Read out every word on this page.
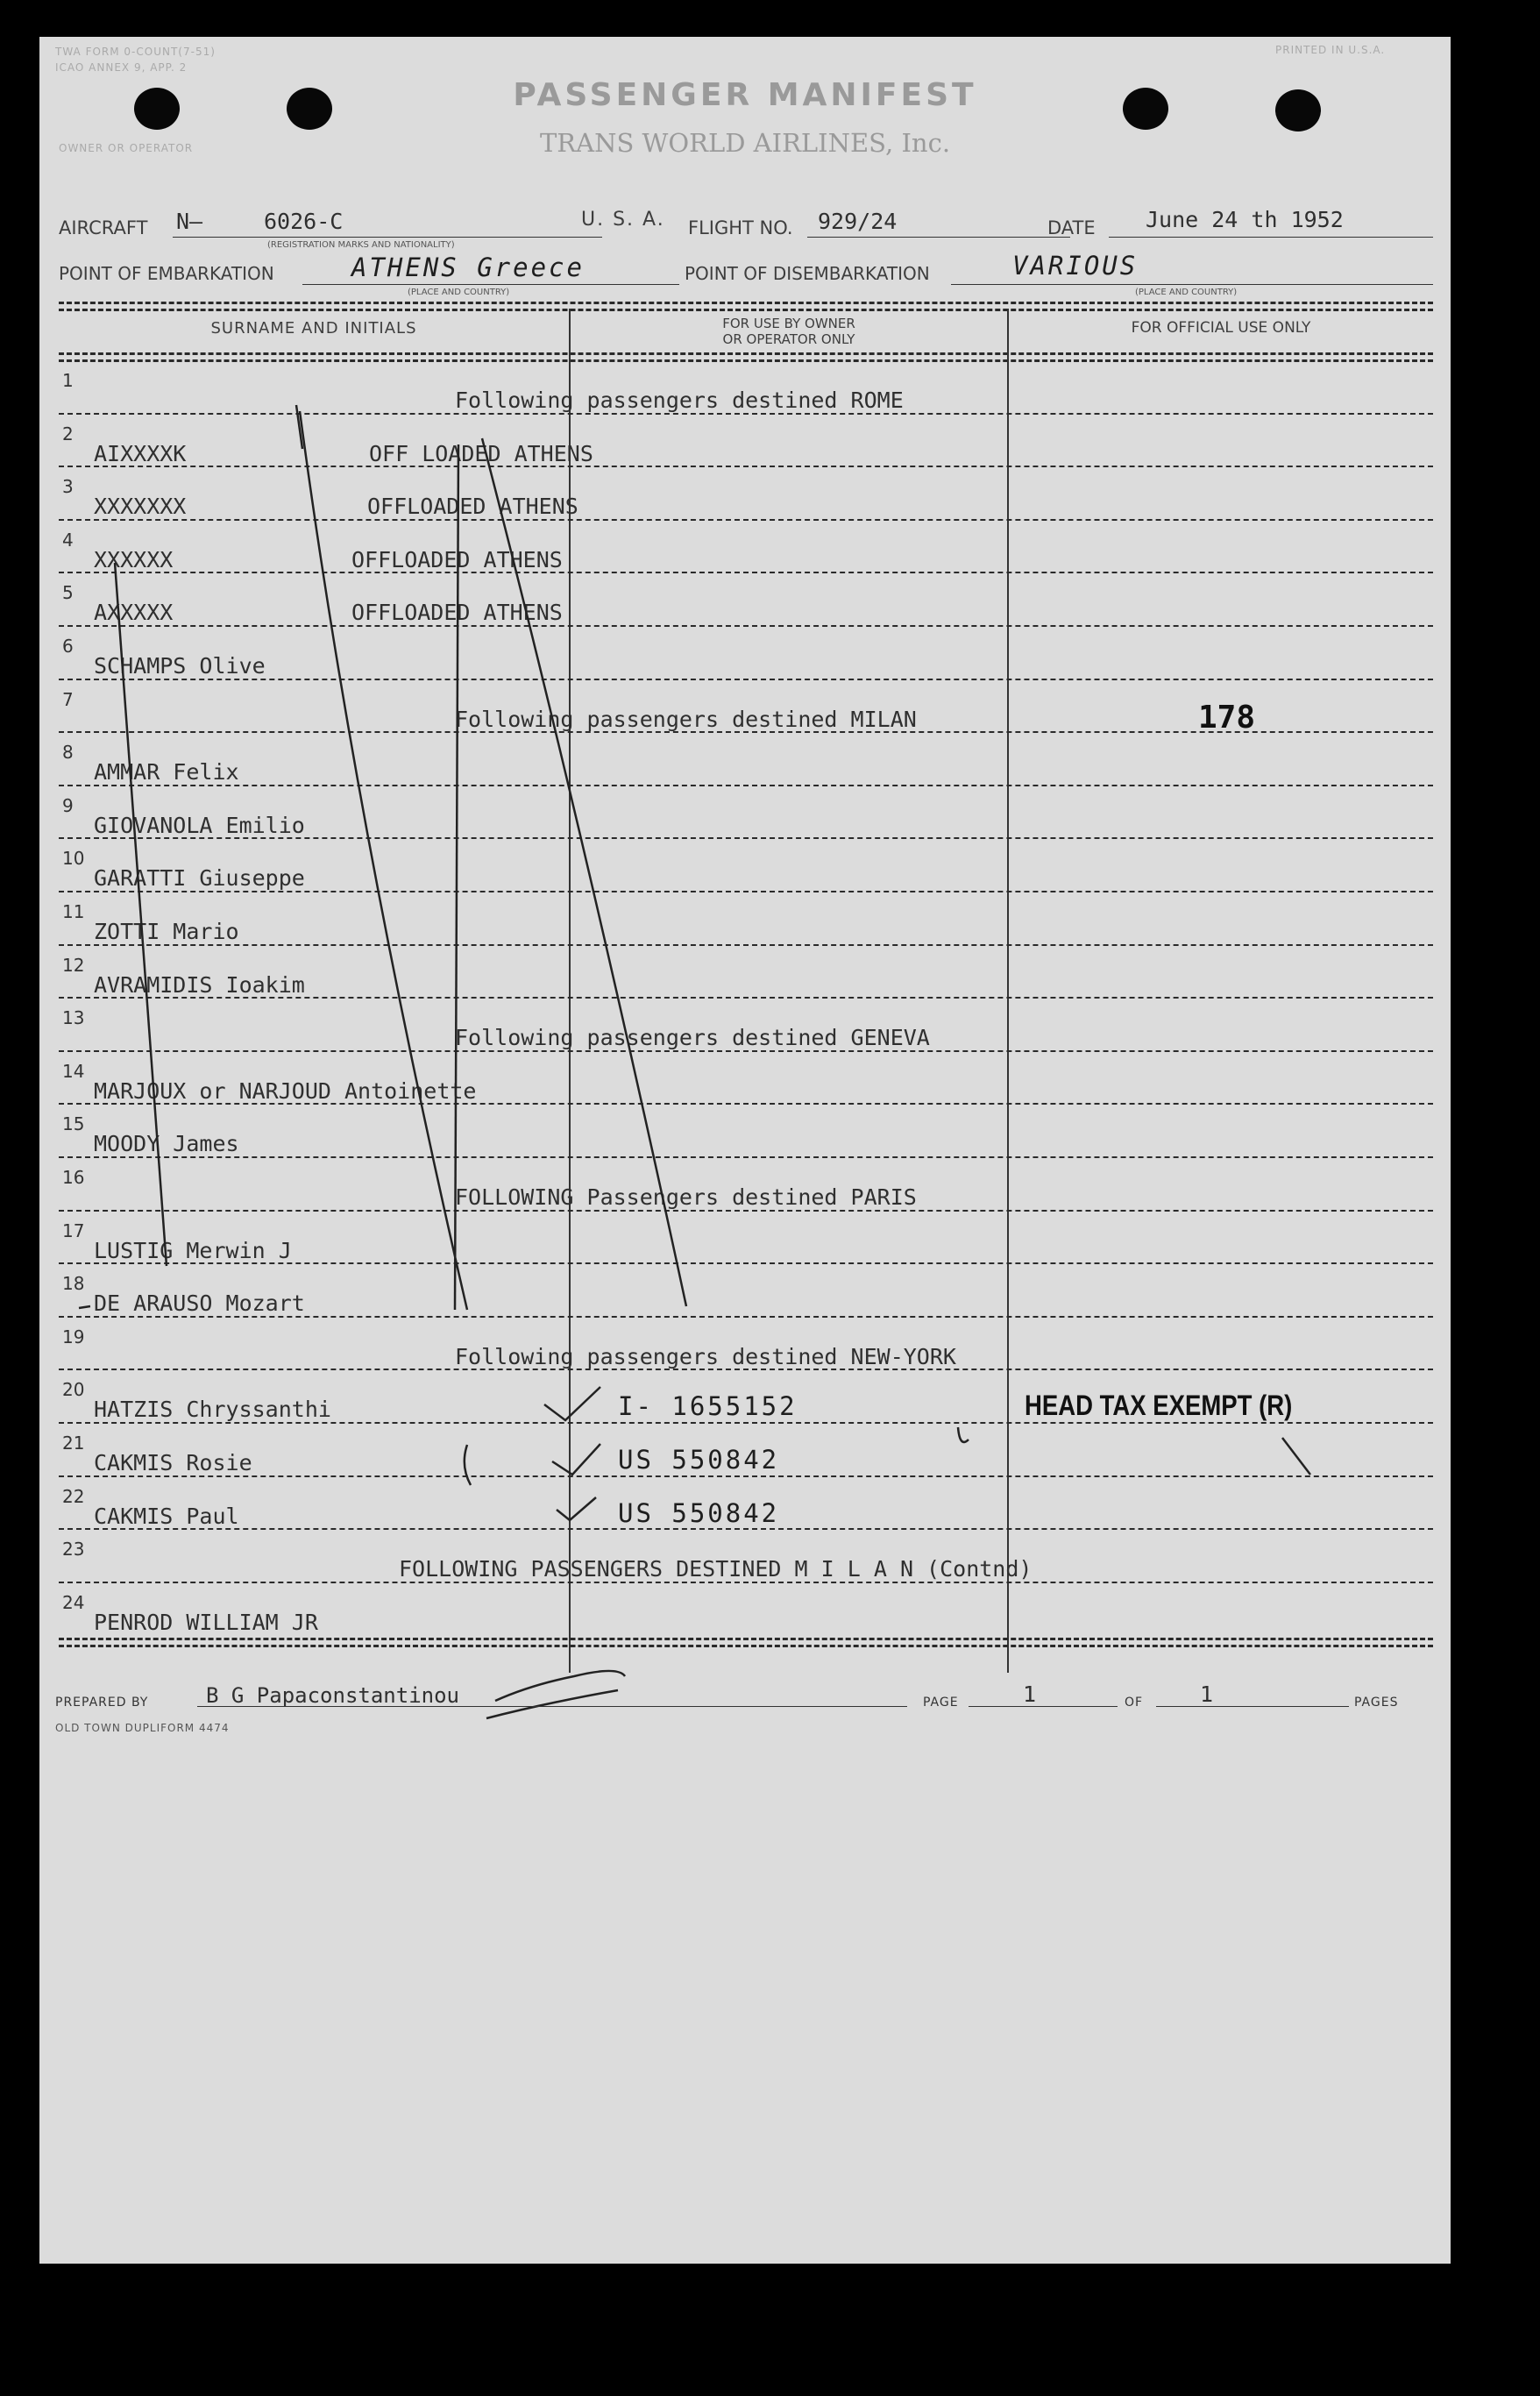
TWA FORM 0-COUNT(7-51)
ICAO ANNEX 9, APP. 2
PRINTED IN U.S.A.
PASSENGER MANIFEST
TRANS WORLD AIRLINES, Inc.
OWNER OR OPERATOR
AIRCRAFT N—	6026-C
(REGISTRATION MARKS AND NATIONALITY)
U. S. A. FLIGHT NO. 929/24	DATE June 24 th 1952
POINT OF EMBARKATION	ATHENS Greece
(PLACE AND COUNTRY)
POINT OF DISEMBARKATION	VARIOUS
(PLACE AND COUNTRY)
SURNAME AND INITIALS	FOR USE BY OWNER
OR OPERATOR ONLY
FOR OFFICIAL USE ONLY
1
Following passengers destined ROME
2
AIXXXXK	OFF LOADED ATHENS
3
XXXXXXX	OFFLOADED ATHENS
4
XXXXXX	OFFLOADED ATHENS
5
AXXXXX	OFFLOADED ATHENS
6
SCHAMPS Olive
7
Following passengers destined MILAN	178
8
AMMAR Felix
9
GIOVANOLA Emilio
10
GARATTI Giuseppe
11
ZOTTI Mario
12
AVRAMIDIS Ioakim
13
Following passengers destined GENEVA
14
MARJOUX or NARJOUD Antoinette
15
MOODY James
16
FOLLOWING Passengers destined PARIS
17
LUSTIG Merwin J
18
DE ARAUSO Mozart
19
Following passengers destined NEW-YORK
20
HATZIS Chryssanthi	I- 1655152	HEAD TAX EXEMPT (R)
21
CAKMIS Rosie	US 550842
22
CAKMIS Paul	US 550842
23
FOLLOWING PASSENGERS DESTINED M I L A N (Contnd)
24
PENROD WILLIAM JR
PREPARED BY	B G Papaconstantinou	PAGE	1	OF	1	PAGES
OLD TOWN DUPLIFORM 4474
